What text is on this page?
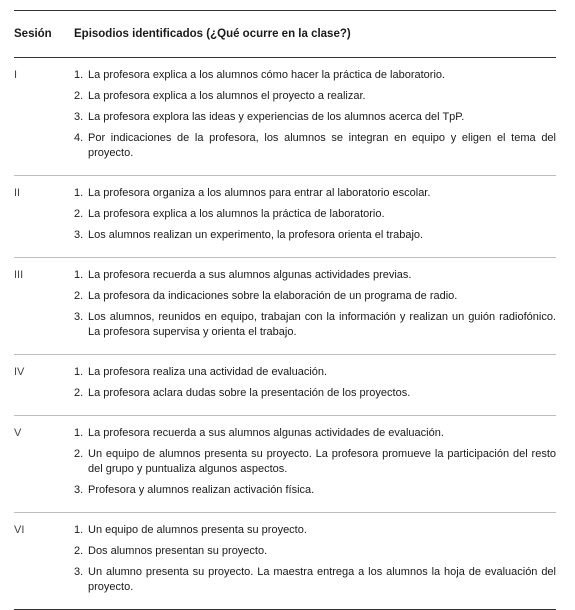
Sesión	Episodios identificados (¿Qué ocurre en la clase?)
I	1. La profesora explica a los alumnos cómo hacer la práctica de laboratorio.
2. La profesora explica a los alumnos el proyecto a realizar.
3. La profesora explora las ideas y experiencias de los alumnos acerca del TpP.
4. Por indicaciones de la profesora, los alumnos se integran en equipo y eligen el tema del proyecto.
II	1. La profesora organiza a los alumnos para entrar al laboratorio escolar.
2. La profesora explica a los alumnos la práctica de laboratorio.
3. Los alumnos realizan un experimento, la profesora orienta el trabajo.
III	1. La profesora recuerda a sus alumnos algunas actividades previas.
2. La profesora da indicaciones sobre la elaboración de un programa de radio.
3. Los alumnos, reunidos en equipo, trabajan con la información y realizan un guión radiofónico. La profesora supervisa y orienta el trabajo.
IV	1. La profesora realiza una actividad de evaluación.
2. La profesora aclara dudas sobre la presentación de los proyectos.
V	1. La profesora recuerda a sus alumnos algunas actividades de evaluación.
2. Un equipo de alumnos presenta su proyecto. La profesora promueve la participación del resto del grupo y puntualiza algunos aspectos.
3. Profesora y alumnos realizan activación física.
VI	1. Un equipo de alumnos presenta su proyecto.
2. Dos alumnos presentan su proyecto.
3. Un alumno presenta su proyecto. La maestra entrega a los alumnos la hoja de evaluación del proyecto.
